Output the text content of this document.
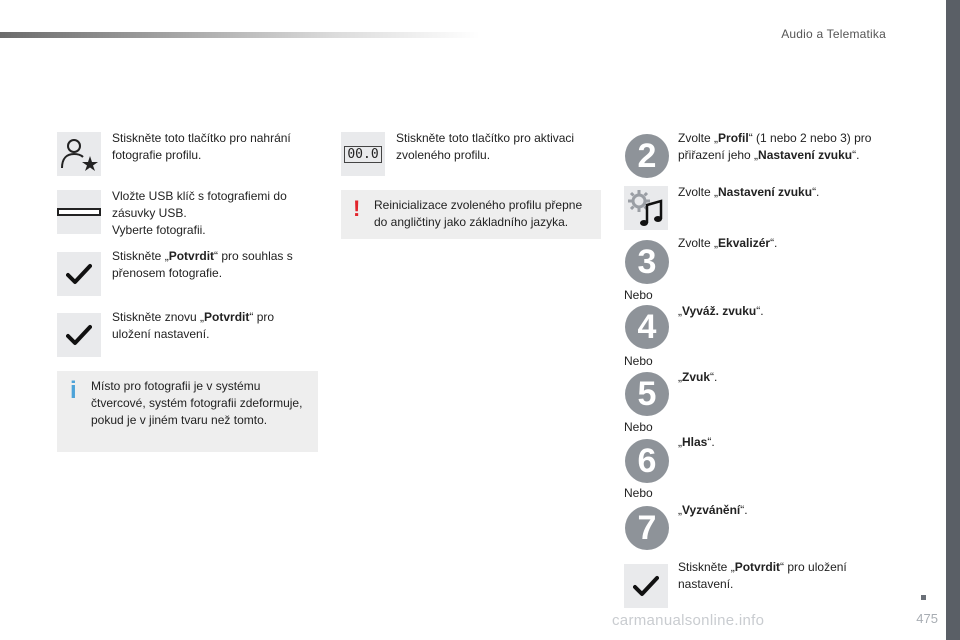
Audio a Telematika
Stiskněte toto tlačítko pro nahrání fotografie profilu.
Vložte USB klíč s fotografiemi do zásuvky USB.
Vyberte fotografii.
Stiskněte „Potvrdit“ pro souhlas s přenosem fotografie.
Stiskněte znovu „Potvrdit“ pro uložení nastavení.
i Místo pro fotografii je v systému čtvercové, systém fotografii zdeformuje, pokud je v jiném tvaru než tomto.
00.0
Stiskněte toto tlačítko pro aktivaci zvoleného profilu.
! Reinicializace zvoleného profilu přepne do angličtiny jako základního jazyka.
2	Zvolte „Profil“ (1 nebo 2 nebo 3) pro přiřazení jeho „Nastavení zvuku“.
Zvolte „Nastavení zvuku“.
3	Zvolte „Ekvalizér“.
Nebo
4	„Vyváž. zvuku“.
Nebo
5	„Zvuk“.
Nebo
6	„Hlas“.
Nebo
7	„Vyzvánění“.
Stiskněte „Potvrdit“ pro uložení nastavení.
475
carmanualsonline.info
